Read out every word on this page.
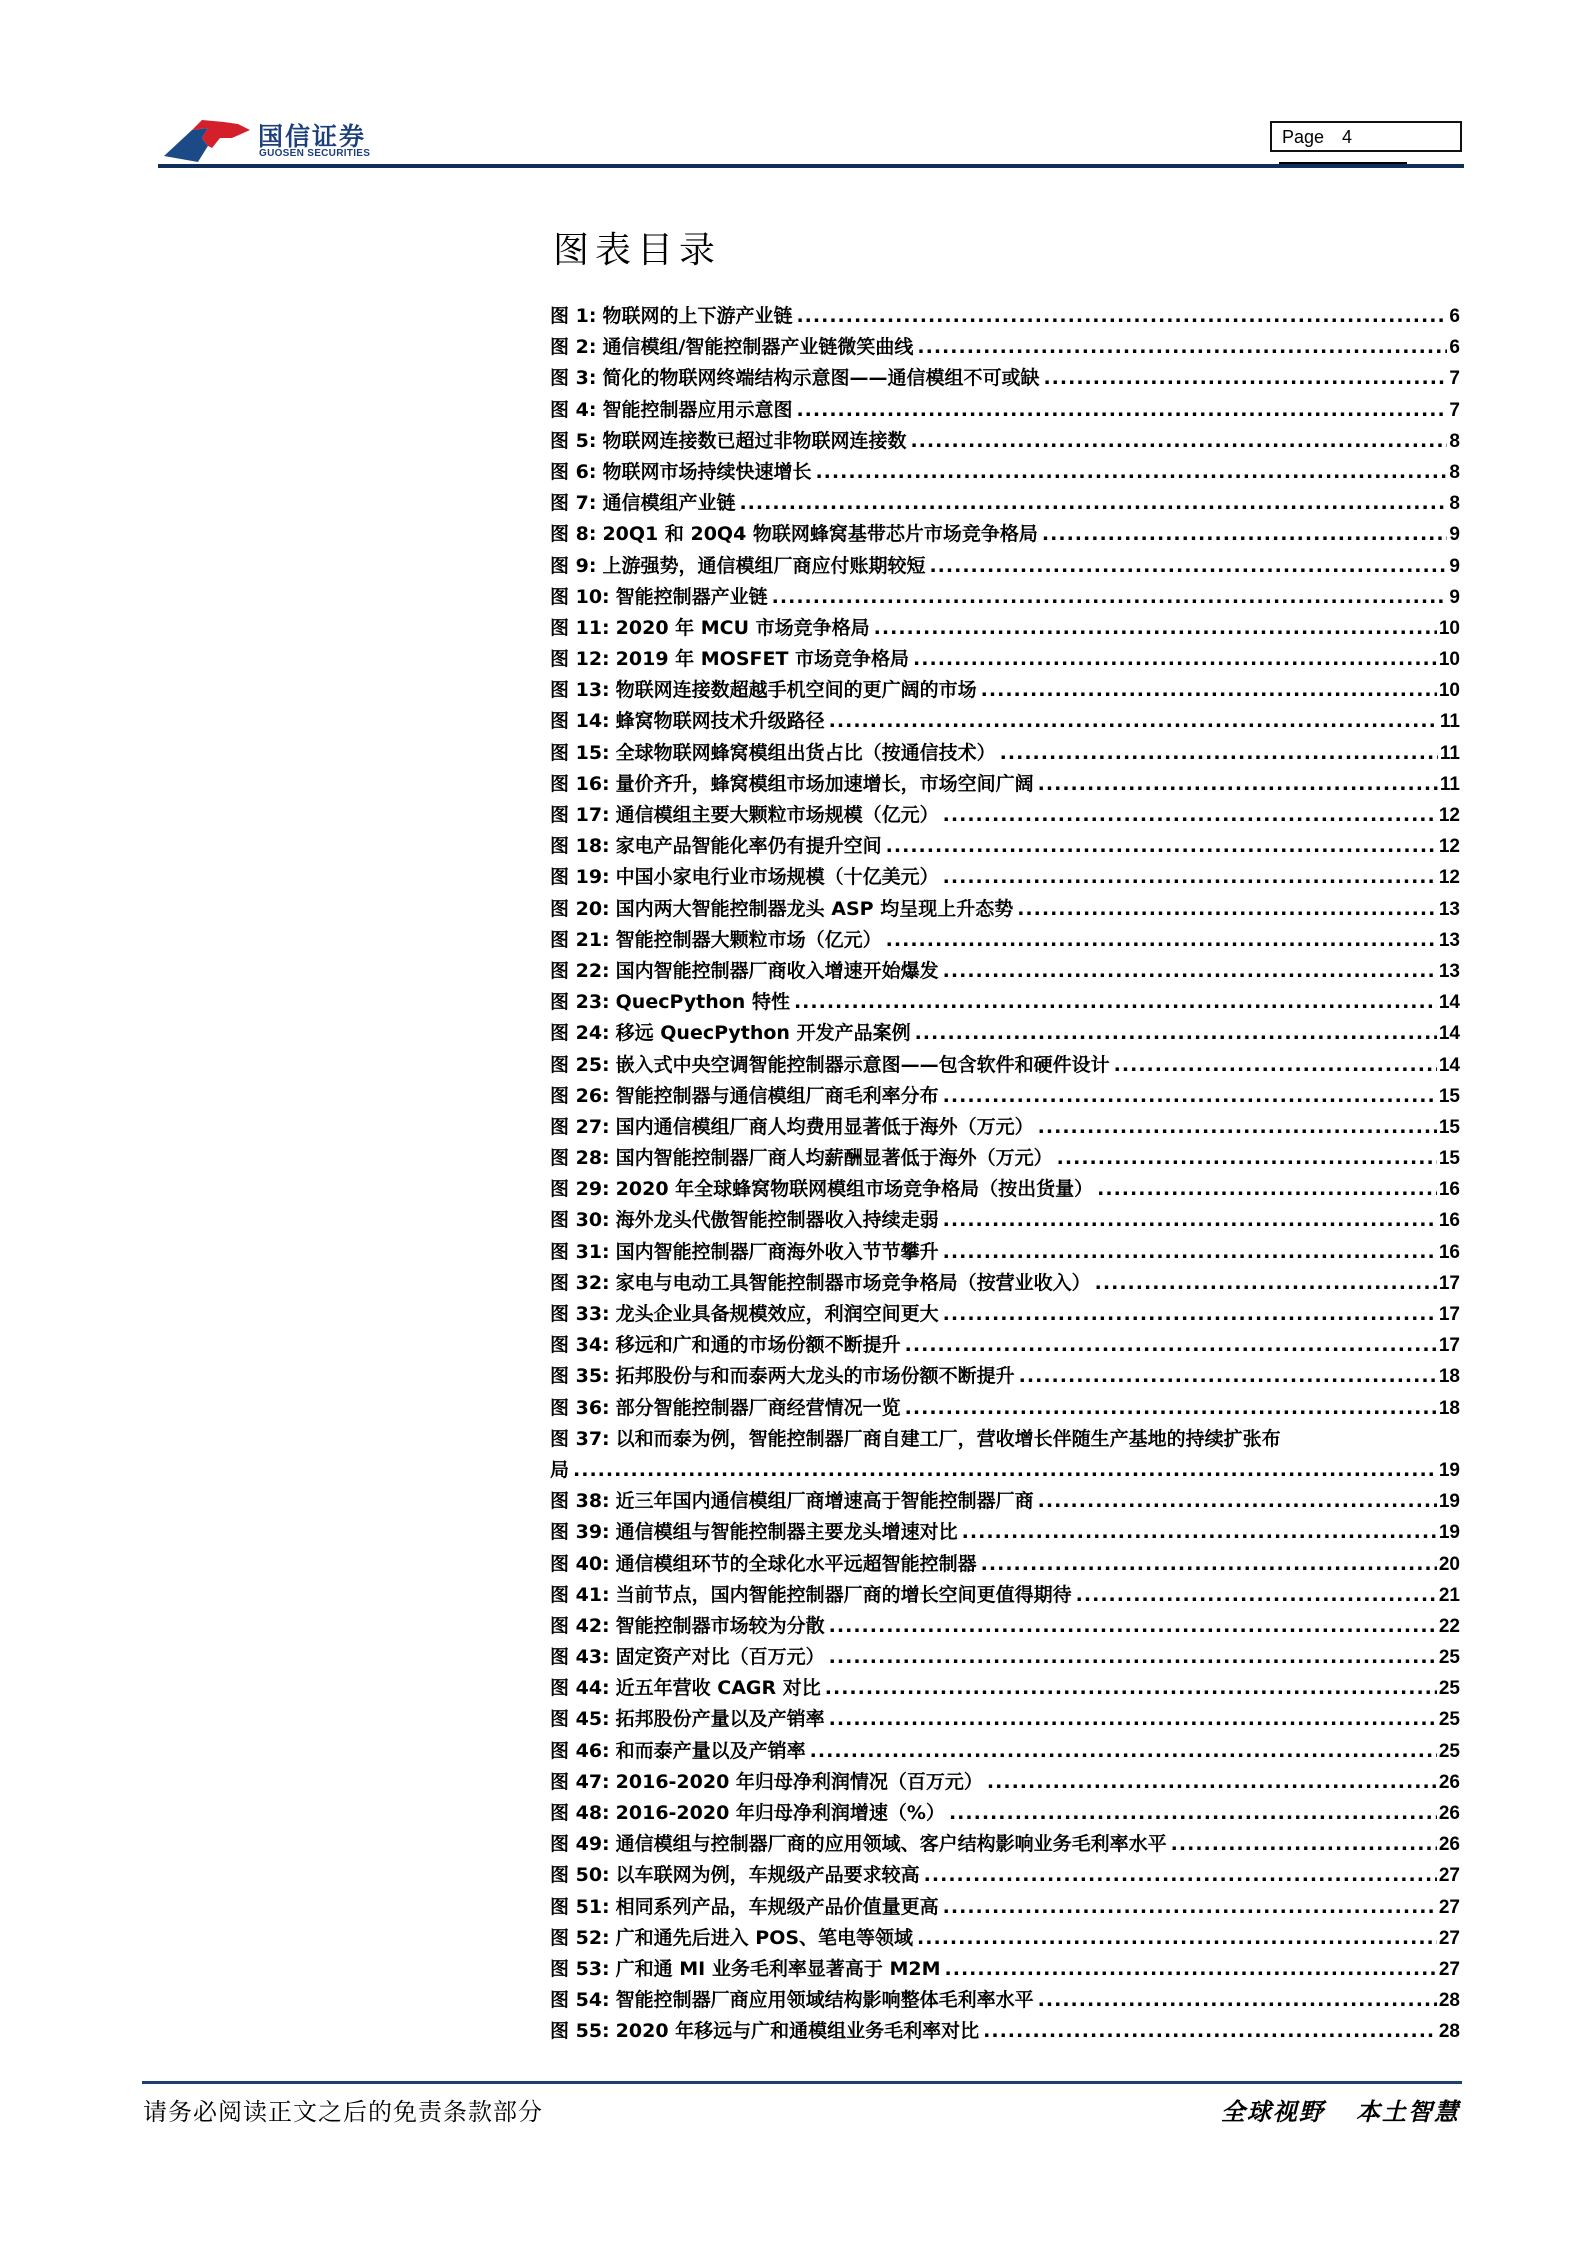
国信证券
GUOSEN SECURITIES
Page 4
图表目录
图 1: 物联网的上下游产业链 .....	6
图 2: 通信模组/智能控制器产业链微笑曲线 .....	6
图 3: 简化的物联网终端结构示意图——通信模组不可或缺 .....	7
图 4: 智能控制器应用示意图 .....	7
图 5: 物联网连接数已超过非物联网连接数 .....	8
图 6: 物联网市场持续快速增长 .....	8
图 7: 通信模组产业链 .....	8
图 8: 20Q1 和 20Q4 物联网蜂窝基带芯片市场竞争格局 .....	9
图 9: 上游强势，通信模组厂商应付账期较短 .....	9
图 10: 智能控制器产业链 .....	9
图 11: 2020 年 MCU 市场竞争格局 .....	10
图 12: 2019 年 MOSFET 市场竞争格局 .....	10
图 13: 物联网连接数超越手机空间的更广阔的市场 .....	10
图 14: 蜂窝物联网技术升级路径 .....	11
图 15: 全球物联网蜂窝模组出货占比（按通信技术） .....	11
图 16: 量价齐升，蜂窝模组市场加速增长，市场空间广阔 .....	11
图 17: 通信模组主要大颗粒市场规模（亿元） .....	12
图 18: 家电产品智能化率仍有提升空间 .....	12
图 19: 中国小家电行业市场规模（十亿美元） .....	12
图 20: 国内两大智能控制器龙头 ASP 均呈现上升态势 .....	13
图 21: 智能控制器大颗粒市场（亿元） .....	13
图 22: 国内智能控制器厂商收入增速开始爆发 .....	13
图 23: QuecPython 特性 .....	14
图 24: 移远 QuecPython 开发产品案例 .....	14
图 25: 嵌入式中央空调智能控制器示意图——包含软件和硬件设计 .....	14
图 26: 智能控制器与通信模组厂商毛利率分布 .....	15
图 27: 国内通信模组厂商人均费用显著低于海外（万元） .....	15
图 28: 国内智能控制器厂商人均薪酬显著低于海外（万元） .....	15
图 29: 2020 年全球蜂窝物联网模组市场竞争格局（按出货量） .....	16
图 30: 海外龙头代傲智能控制器收入持续走弱 .....	16
图 31: 国内智能控制器厂商海外收入节节攀升 .....	16
图 32: 家电与电动工具智能控制器市场竞争格局（按营业收入） .....	17
图 33: 龙头企业具备规模效应，利润空间更大 .....	17
图 34: 移远和广和通的市场份额不断提升 .....	17
图 35: 拓邦股份与和而泰两大龙头的市场份额不断提升 .....	18
图 36: 部分智能控制器厂商经营情况一览 .....	18
图 37: 以和而泰为例，智能控制器厂商自建工厂，营收增长伴随生产基地的持续扩张布
局 .....	19
图 38: 近三年国内通信模组厂商增速高于智能控制器厂商 .....	19
图 39: 通信模组与智能控制器主要龙头增速对比 .....	19
图 40: 通信模组环节的全球化水平远超智能控制器 .....	20
图 41: 当前节点，国内智能控制器厂商的增长空间更值得期待 .....	21
图 42: 智能控制器市场较为分散 .....	22
图 43: 固定资产对比（百万元） .....	25
图 44: 近五年营收 CAGR 对比 .....	25
图 45: 拓邦股份产量以及产销率 .....	25
图 46: 和而泰产量以及产销率 .....	25
图 47: 2016-2020 年归母净利润情况（百万元） .....	26
图 48: 2016-2020 年归母净利润增速（%） .....	26
图 49: 通信模组与控制器厂商的应用领域、客户结构影响业务毛利率水平 .....	26
图 50: 以车联网为例，车规级产品要求较高 .....	27
图 51: 相同系列产品，车规级产品价值量更高 .....	27
图 52: 广和通先后进入 POS、笔电等领域 .....	27
图 53: 广和通 MI 业务毛利率显著高于 M2M .....	27
图 54: 智能控制器厂商应用领域结构影响整体毛利率水平 .....	28
图 55: 2020 年移远与广和通模组业务毛利率对比 .....	28
请务必阅读正文之后的免责条款部分	全球视野   本土智慧
